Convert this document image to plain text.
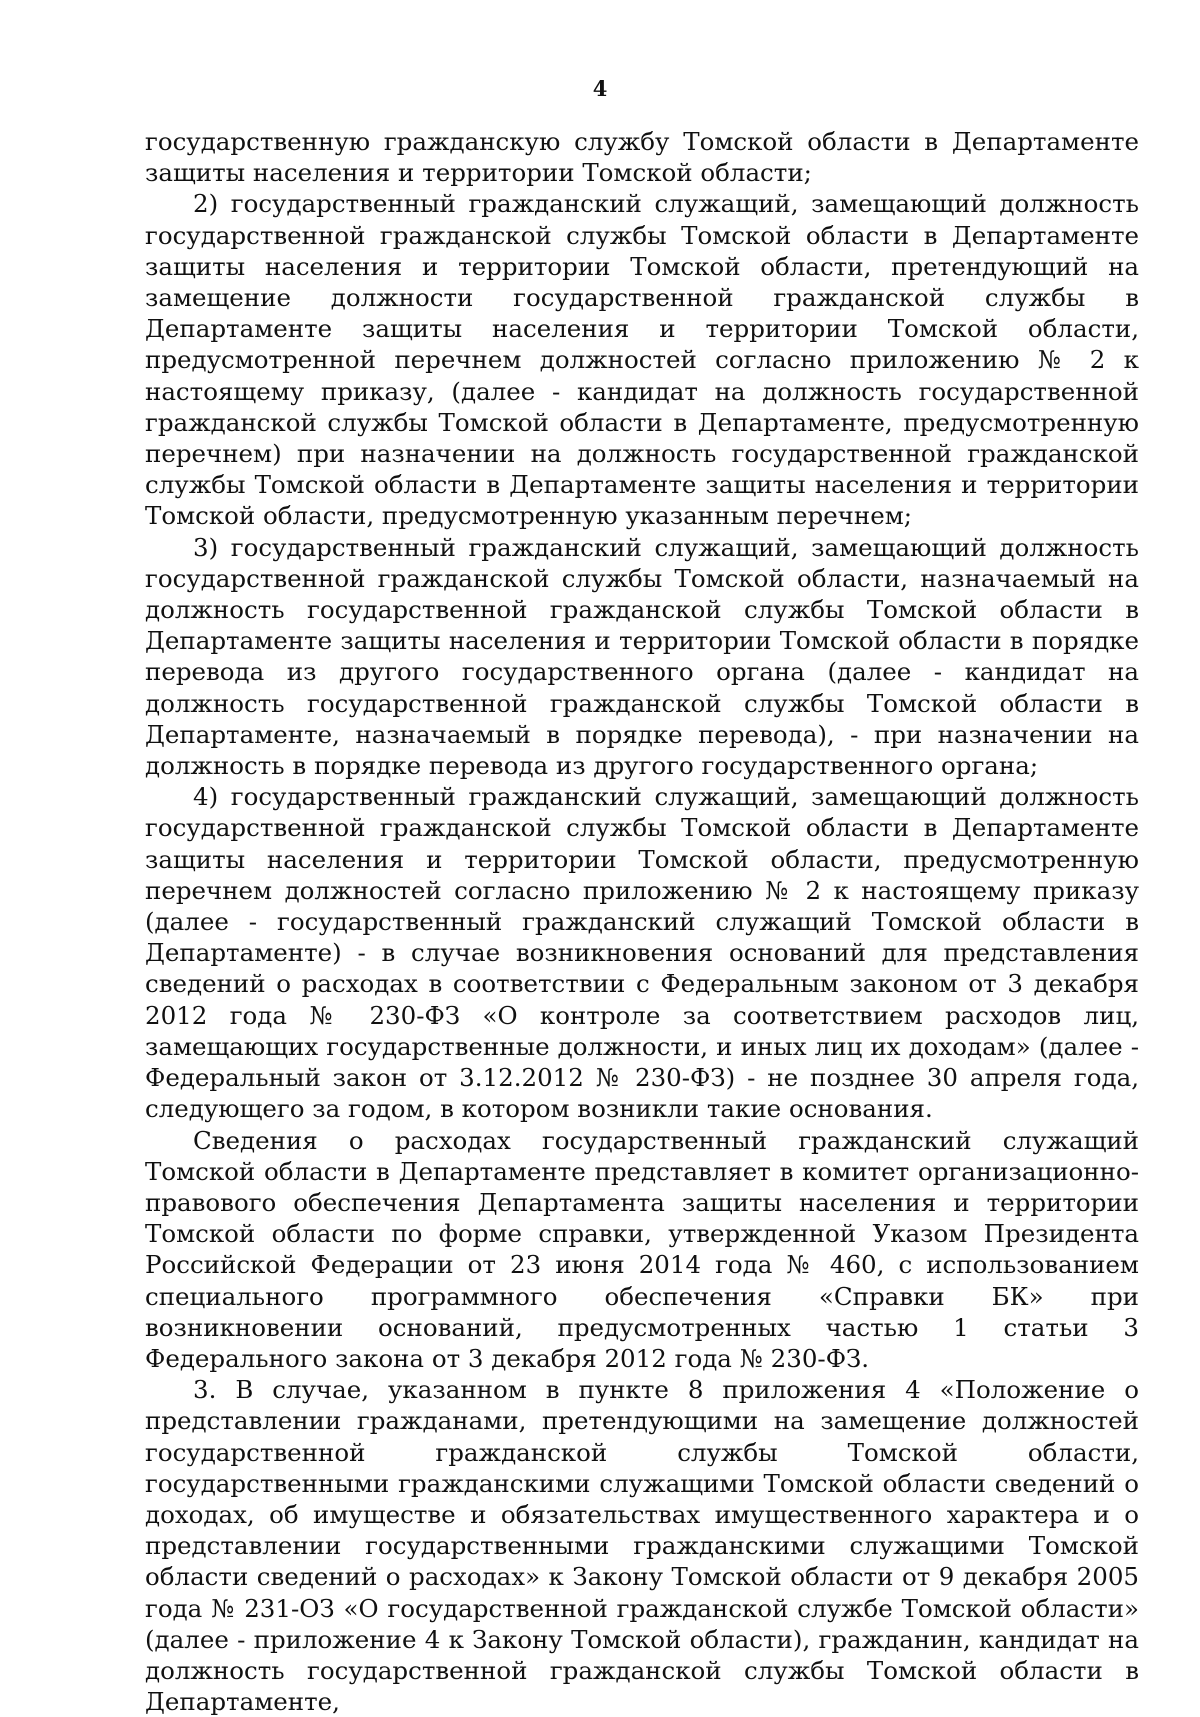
4

государственную гражданскую службу Томской области в Департаменте защиты населения и территории Томской области;

2) государственный гражданский служащий, замещающий должность государственной гражданской службы Томской области в Департаменте защиты населения и территории Томской области, претендующий на замещение должности государственной гражданской службы в Департаменте защиты населения и территории Томской области, предусмотренной перечнем должностей согласно приложению № 2 к настоящему приказу, (далее - кандидат на должность государственной гражданской службы Томской области в Департаменте, предусмотренную перечнем) при назначении на должность государственной гражданской службы Томской области в Департаменте защиты населения и территории Томской области, предусмотренную указанным перечнем;

3) государственный гражданский служащий, замещающий должность государственной гражданской службы Томской области, назначаемый на должность государственной гражданской службы Томской области в Департаменте защиты населения и территории Томской области в порядке перевода из другого государственного органа (далее - кандидат на должность государственной гражданской службы Томской области в Департаменте, назначаемый в порядке перевода), - при назначении на должность в порядке перевода из другого государственного органа;

4) государственный гражданский служащий, замещающий должность государственной гражданской службы Томской области в Департаменте защиты населения и территории Томской области, предусмотренную перечнем должностей согласно приложению № 2 к настоящему приказу (далее - государственный гражданский служащий Томской области в Департаменте) - в случае возникновения оснований для представления сведений о расходах в соответствии с Федеральным законом от 3 декабря 2012 года № 230-ФЗ «О контроле за соответствием расходов лиц, замещающих государственные должности, и иных лиц их доходам» (далее - Федеральный закон от 3.12.2012 № 230-ФЗ) - не позднее 30 апреля года, следующего за годом, в котором возникли такие основания.

Сведения о расходах государственный гражданский служащий Томской области в Департаменте представляет в комитет организационно-правового обеспечения Департамента защиты населения и территории Томской области по форме справки, утвержденной Указом Президента Российской Федерации от 23 июня 2014 года № 460, с использованием специального программного обеспечения «Справки БК» при возникновении оснований, предусмотренных частью 1 статьи 3 Федерального закона от 3 декабря 2012 года № 230-ФЗ.

3. В случае, указанном в пункте 8 приложения 4 «Положение о представлении гражданами, претендующими на замещение должностей государственной гражданской службы Томской области, государственными гражданскими служащими Томской области сведений о доходах, об имуществе и обязательствах имущественного характера и о представлении государственными гражданскими служащими Томской области сведений о расходах» к Закону Томской области от 9 декабря 2005 года № 231-ОЗ «О государственной гражданской службе Томской области» (далее - приложение 4 к Закону Томской области), гражданин, кандидат на должность государственной гражданской службы Томской области в Департаменте,
